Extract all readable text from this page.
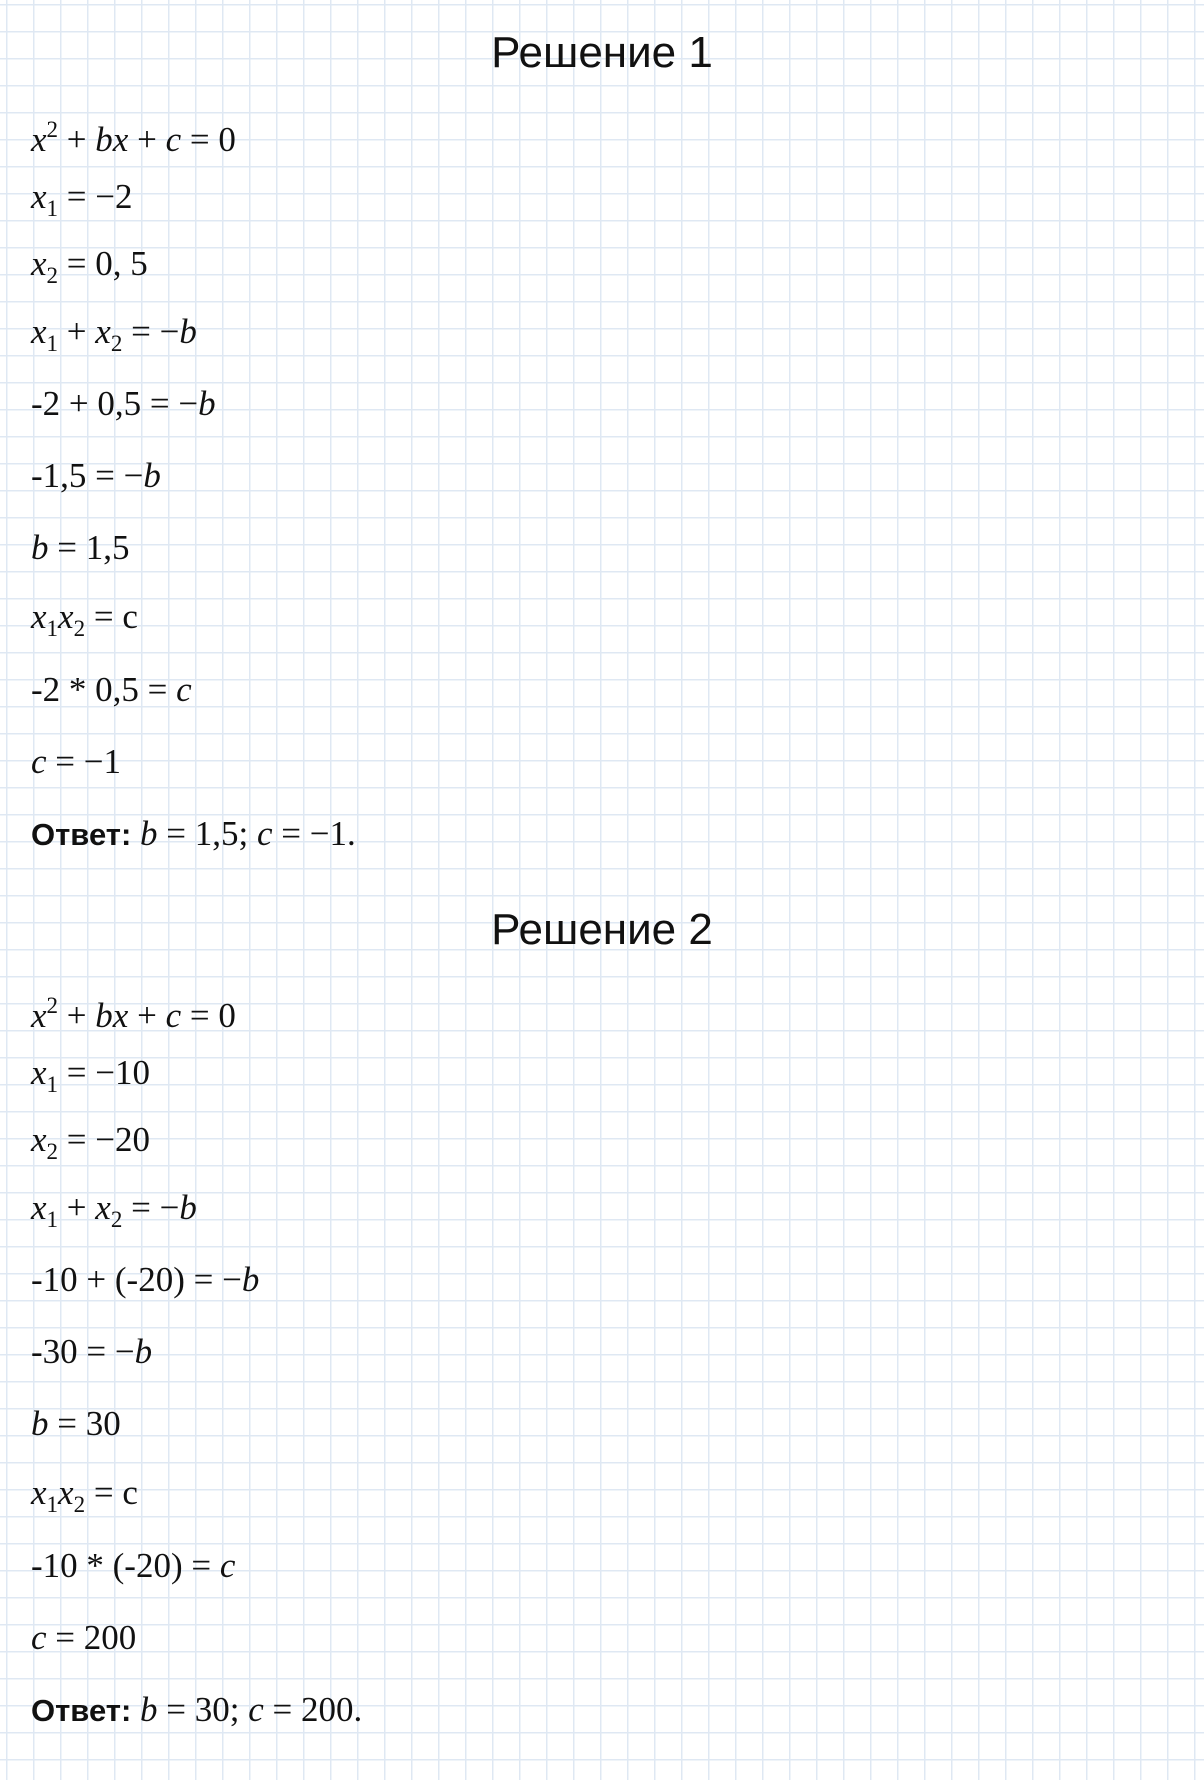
Решение 1
$x^2$ + bx + c = 0
$x_1 = -2$
$x_2 = 0$, 5
$x_1 + x_2 = -b$
-2 + 0,5 = −b
-1,5 = −b
b = 1,5
$x_1x_2 = с$
-2 * 0,5 = c
c = −1
Ответ: b = 1,5; c = −1.
Решение 2
$x^2$ + bx + c = 0
$x_1 = -10$
$x_2 = -20$
$x_1 + x_2 = -b$
-10 + (-20) = −b
-30 = −b
b = 30
$x_1x_2 = с$
-10 * (-20) = c
c = 200
Ответ: b = 30; c = 200.
